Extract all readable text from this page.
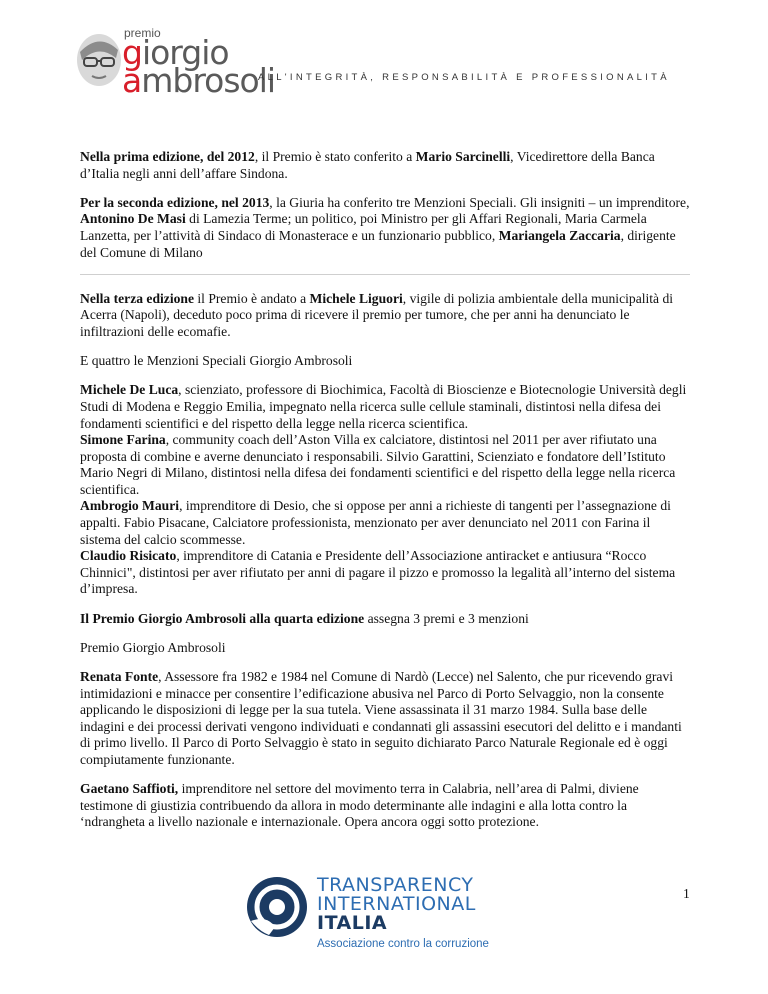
premio
giorgio
ambrosoli
ALL'INTEGRITÀ, RESPONSABILITÀ E PROFESSIONALITÀ

Nella prima edizione, del 2012, il Premio è stato conferito a Mario Sarcinelli, Vicedirettore della Banca d’Italia negli anni dell’affare Sindona.

Per la seconda edizione, nel 2013, la Giuria ha conferito tre Menzioni Speciali. Gli insigniti – un imprenditore, Antonino De Masi di Lamezia Terme; un politico, poi Ministro per gli Affari Regionali, Maria Carmela Lanzetta, per l’attività di Sindaco di Monasterace e un funzionario pubblico, Mariangela Zaccaria, dirigente del Comune di Milano

Nella terza edizione il Premio è andato a Michele Liguori, vigile di polizia ambientale della municipalità di Acerra (Napoli), deceduto poco prima di ricevere il premio per tumore, che per anni ha denunciato le infiltrazioni delle ecomafie.

E quattro le Menzioni Speciali Giorgio Ambrosoli

Michele De Luca, scienziato, professore di Biochimica, Facoltà di Bioscienze e Biotecnologie Università degli Studi di Modena e Reggio Emilia, impegnato nella ricerca sulle cellule staminali, distintosi nella difesa dei fondamenti scientifici e del rispetto della legge nella ricerca scientifica.

Simone Farina, community coach dell’Aston Villa ex calciatore, distintosi nel 2011 per aver rifiutato una proposta di combine e averne denunciato i responsabili. Silvio Garattini, Scienziato e fondatore dell’Istituto Mario Negri di Milano, distintosi nella difesa dei fondamenti scientifici e del rispetto della legge nella ricerca scientifica.

Ambrogio Mauri, imprenditore di Desio, che si oppose per anni a richieste di tangenti per l’assegnazione di appalti. Fabio Pisacane, Calciatore professionista, menzionato per aver denunciato nel 2011 con Farina il sistema del calcio scommesse.

Claudio Risicato, imprenditore di Catania e Presidente dell’Associazione antiracket e antiusura “Rocco Chinnici", distintosi per aver rifiutato per anni di pagare il pizzo e promosso la legalità all’interno del sistema d’impresa.

Il Premio Giorgio Ambrosoli alla quarta edizione assegna 3 premi e 3 menzioni

Premio Giorgio Ambrosoli

Renata Fonte, Assessore fra 1982 e 1984 nel Comune di Nardò (Lecce) nel Salento, che pur ricevendo gravi intimidazioni e minacce per consentire l’edificazione abusiva nel Parco di Porto Selvaggio, non la consente applicando le disposizioni di legge per la sua tutela. Viene assassinata il 31 marzo 1984. Sulla base delle indagini e dei processi derivati vengono individuati e condannati gli assassini esecutori del delitto e i mandanti di primo livello. Il Parco di Porto Selvaggio è stato in seguito dichiarato Parco Naturale Regionale ed è oggi compiutamente funzionante.

Gaetano Saffioti, imprenditore nel settore del movimento terra in Calabria, nell’area di Palmi, diviene testimone di giustizia contribuendo da allora in modo determinante alle indagini e alla lotta contro la ‘ndrangheta a livello nazionale e internazionale. Opera ancora oggi sotto protezione.

1
TRANSPARENCY
INTERNATIONAL
ITALIA
Associazione contro la corruzione
